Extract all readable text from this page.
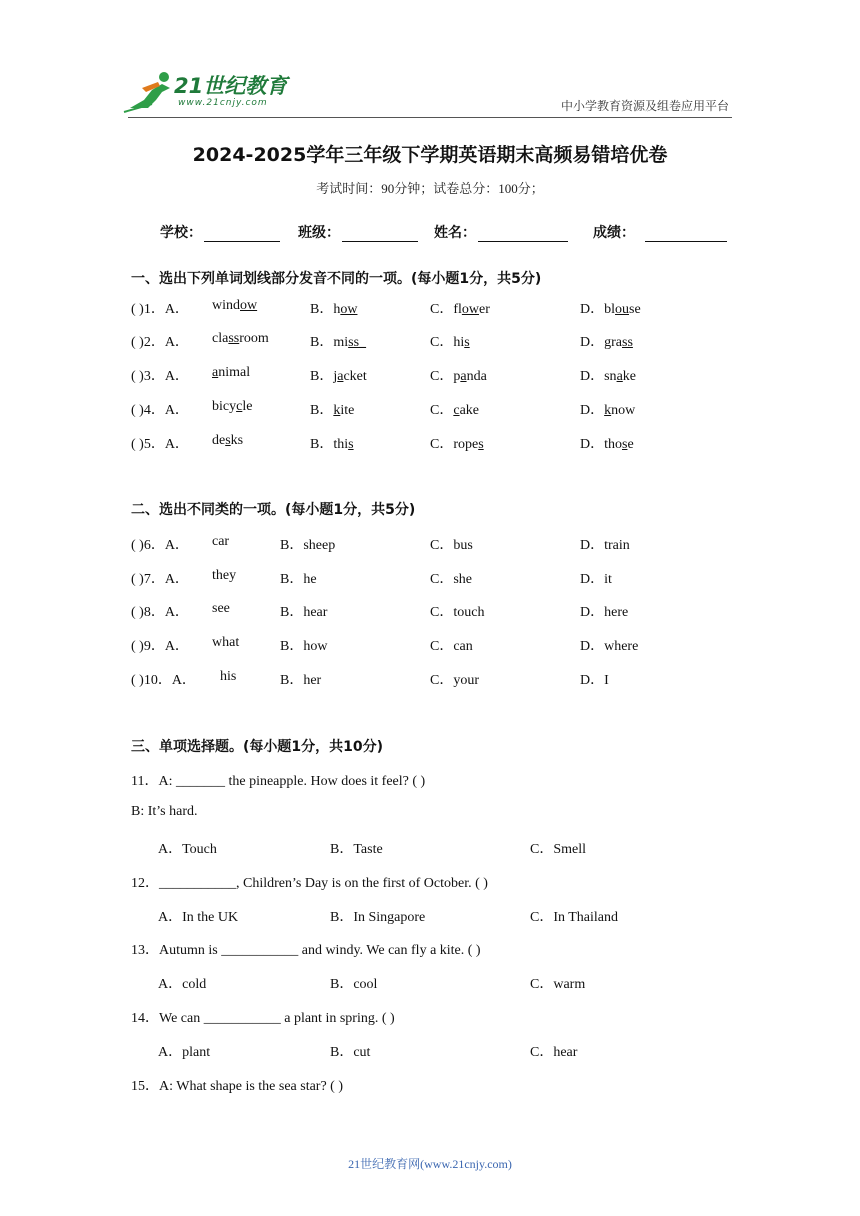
21世纪教育
www.21cnjy.com	中小学教育资源及组卷应用平台
2024-2025学年三年级下学期英语期末高频易错培优卷
考试时间：90分钟；试卷总分：100分；
学校：	班级：	姓名：	成绩：
一、选出下列单词划线部分发音不同的一项。(每小题1分，共5分)
( )1．A． window	B．how	C．flower	D．blouse
( )2．A． classroom	B．miss_	C．his	D．grass
( )3．A． animal	B．jacket	C．panda	D．snake
( )4．A． bicycle	B．kite	C．cake	D．know
( )5．A． desks	B．this	C．ropes	D．those
二、选出不同类的一项。(每小题1分，共5分)
( )6．A． car	B．sheep	C．bus	D．train
( )7．A． they	B．he	C．she	D．it
( )8．A． see	B．hear	C．touch	D．here
( )9．A． what	B．how	C．can	D．where
( )10．A． his	B．her	C．your	D．I
三、单项选择题。(每小题1分，共10分)
11．A: _______ the pineapple. How does it feel? ( )
B: It’s hard.
A．Touch	B．Taste	C．Smell
12．___________, Children’s Day is on the first of October. ( )
A．In the UK	B．In Singapore	C．In Thailand
13．Autumn is ___________ and windy. We can fly a kite. ( )
A．cold	B．cool	C．warm
14．We can ___________ a plant in spring. ( )
A．plant	B．cut	C．hear
15．A: What shape is the sea star? ( )
21世纪教育网(www.21cnjy.com)
